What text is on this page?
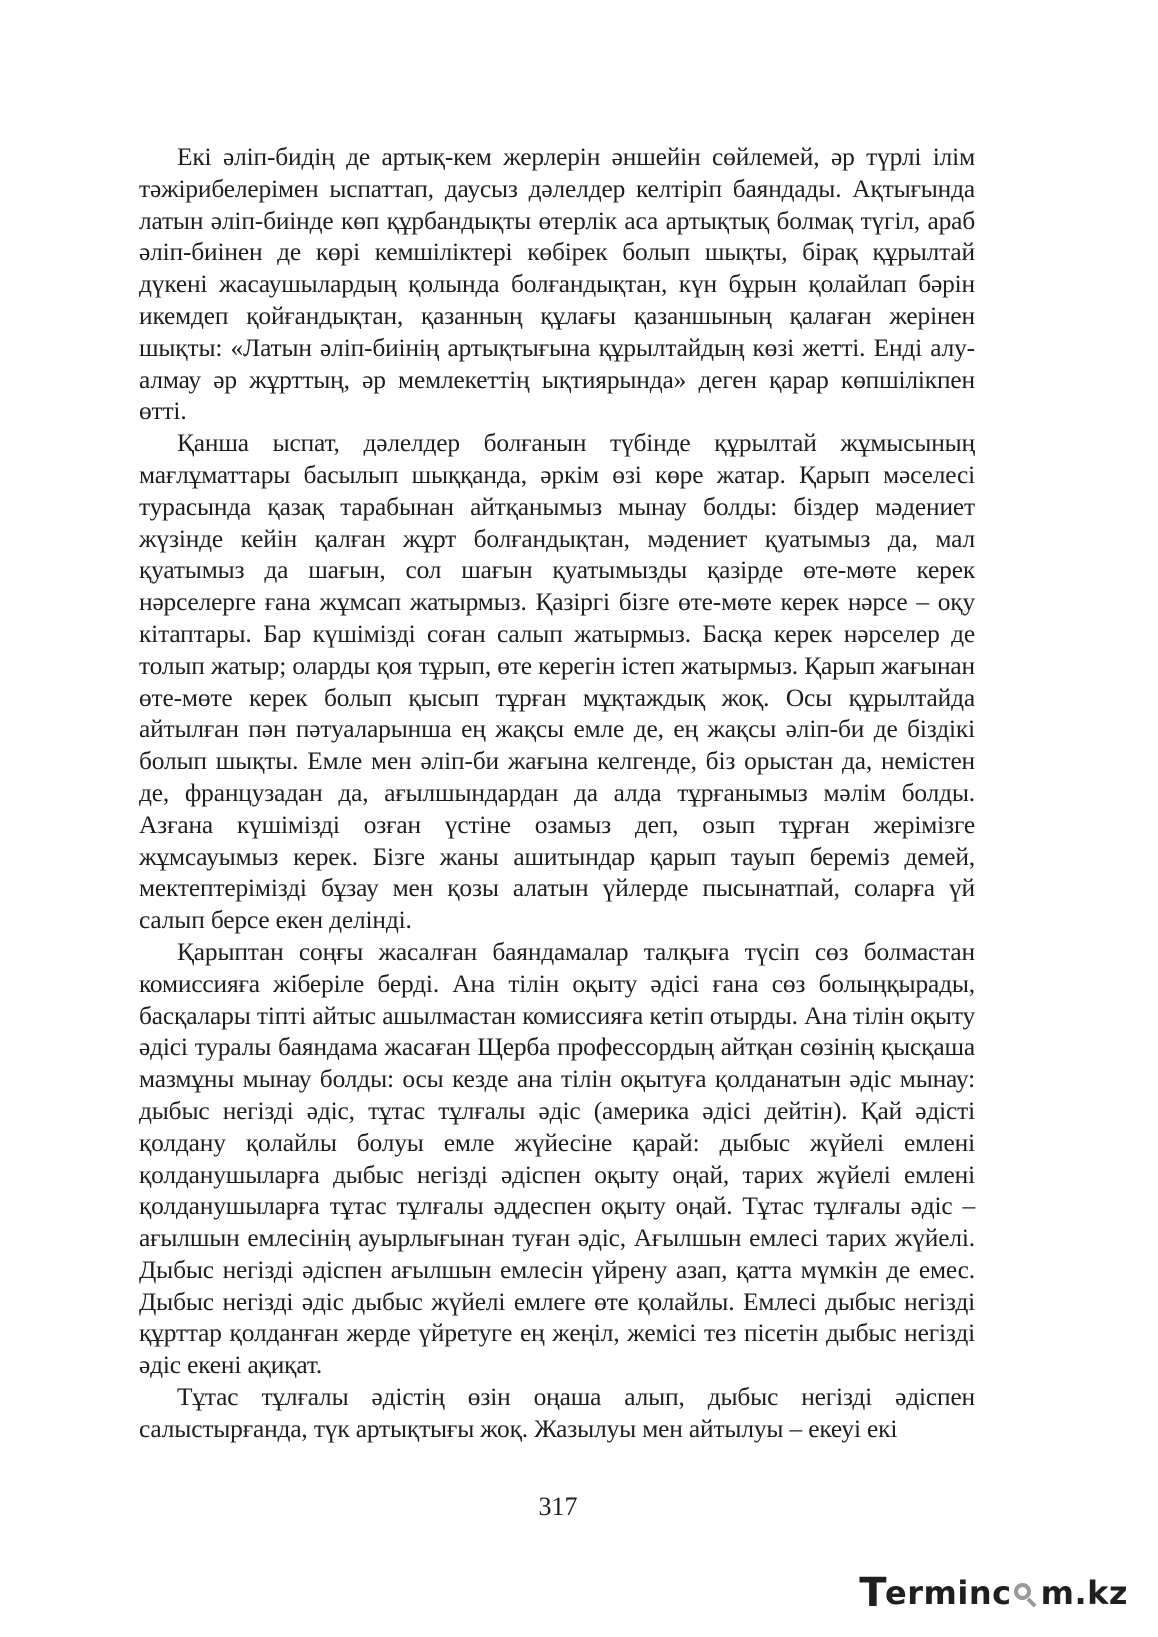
Екі әліп-бидің де артық-кем жерлерін әншейін сөйлемей, әр түрлі ілім тәжірибелерімен ыспаттап, даусыз дәлелдер келтіріп баяндады. Ақтығында латын әліп-биінде көп құрбандықты өтерлік аса артықтық болмақ түгіл, араб әліп-биінен де көрі кемшіліктері көбірек болып шықты, бірақ құрылтай дүкені жасаушылардың қолында болғандықтан, күн бұрын қолайлап бәрін икемдеп қойғандықтан, қазанның құлағы қазаншының қалаған жерінен шықты: «Латын әліп-биінің артықтығына құрылтайдың көзі жетті. Енді алу-алмау әр жұрттың, әр мемлекеттің ықтиярында» деген қарар көпшілікпен өтті.

Қанша ыспат, дәлелдер болғанын түбінде құрылтай жұмысының мағлұматтары басылып шыққанда, әркім өзі көре жатар. Қарып мәселесі турасында қазақ тарабынан айтқанымыз мынау болды: біздер мәдениет жүзінде кейін қалған жұрт болғандықтан, мәдениет қуатымыз да, мал қуатымыз да шағын, сол шағын қуатымызды қазірде өте-мөте керек нәрселерге ғана жұмсап жатырмыз. Қазіргі бізге өте-мөте керек нәрсе – оқу кітаптары. Бар күшімізді соған салып жатырмыз. Басқа керек нәрселер де толып жатыр; оларды қоя тұрып, өте керегін істеп жатырмыз. Қарып жағынан өте-мөте керек болып қысып тұрған мұқтаждық жоқ. Осы құрылтайда айтылған пән пәтуаларынша ең жақсы емле де, ең жақсы әліп-би де біздікі болып шықты. Емле мен әліп-би жағына келгенде, біз орыстан да, немістен де, французадан да, ағылшындардан да алда тұрғанымыз мәлім болды. Азғана күшімізді озған үстіне озамыз деп, озып тұрған жерімізге жұмсауымыз керек. Бізге жаны ашитындар қарып тауып береміз демей, мектептерімізді бұзау мен қозы алатын үйлерде пысынатпай, соларға үй салып берсе екен делінді.

Қарыптан соңғы жасалған баяндамалар талқыға түсіп сөз болмастан комиссияға жіберіле берді. Ана тілін оқыту әдісі ғана сөз болыңқырады, басқалары тіпті айтыс ашылмастан комиссияға кетіп отырды. Ана тілін оқыту әдісі туралы баяндама жасаған Щерба профессордың айтқан сөзінің қысқаша мазмұны мынау болды: осы кезде ана тілін оқытуға қолданатын әдіс мынау: дыбыс негізді әдіс, тұтас тұлғалы әдіс (америка әдісі дейтін). Қай әдісті қолдану қолайлы болуы емле жүйесіне қарай: дыбыс жүйелі емлені қолданушыларға дыбыс негізді әдіспен оқыту оңай, тарих жүйелі емлені қолданушыларға тұтас тұлғалы әддеспен оқыту оңай. Тұтас тұлғалы әдіс – ағылшын емлесінің ауырлығынан туған әдіс, Ағылшын емлесі тарих жүйелі. Дыбыс негізді әдіспен ағылшын емлесін үйрену азап, қатта мүмкін де емес. Дыбыс негізді әдіс дыбыс жүйелі емлеге өте қолайлы. Емлесі дыбыс негізді құрттар қолданған жерде үйретуге ең жеңіл, жемісі тез пісетін дыбыс негізді әдіс екені ақиқат.

Тұтас тұлғалы әдістің өзін оңаша алып, дыбыс негізді әдіспен салыстырғанда, түк артықтығы жоқ. Жазылуы мен айтылуы – екеуі екі

317
T
erminc m.kz
